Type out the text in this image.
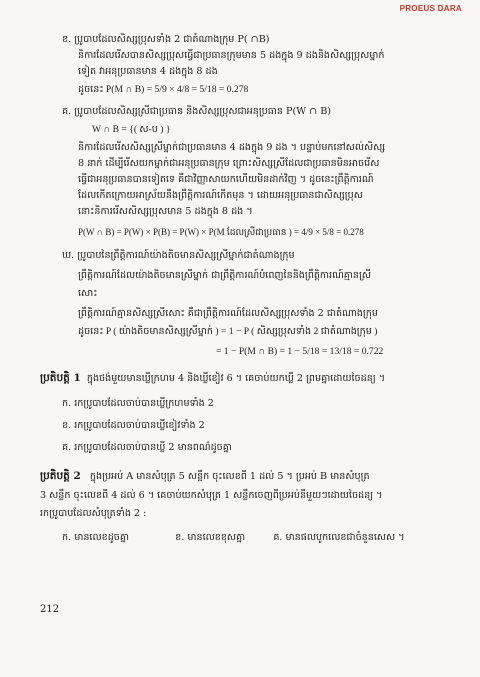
PROEUS DARA
ខ. ប្រូបាបដែលសិស្សប្រុសទាំង 2 ជាតំណាងក្រុម P( ∩B)
និការដែលរើសបានសិស្សប្រុសធ្វើជាប្រធានក្រុមមាន 5 ដងក្នុង 9 ដងនិងសិស្សប្រុសម្នាក់
ទៀត វាអនុប្រធានមាន 4 ដងក្នុង 8 ដង
ដូចនេះ P(M ∩ B) = 5/9 × 4/8 = 5/18 = 0.278
គ. ប្រូបាបដែលសិស្សស្រីជាប្រធាន និងសិស្សប្រុសជាអនុប្រធាន P(W ∩ B)
W ∩ B = {( ស-ប ) }
និការដែលរើសសិស្សស្រីម្នាក់ជាប្រធានមាន 4 ដងក្នុង 9 ដង ។ បន្ទាប់មកនៅសល់សិស្ស
8 នាក់ ដើម្បីរើសយកម្នាក់ជាអនុប្រធានក្រុម ព្រោះសិស្សស្រីដែលជាប្រធានមិនអាចរើស
ធ្វើជាអនុប្រធានបានទៀតទេ គឺជាវិញ្ញាសាយកហើយមិនដាក់វិញ ។ ដូចនេះព្រឹត្តិការណ៍
ដែលកើតក្រោយអាស្រ័យនឹងព្រឹត្តិការណ៍កើតមុន ។ ដោយអនុប្រធានជាសិស្សប្រុស
នោះនិការរើសសិស្សប្រុសមាន 5 ដងក្នុង 8 ដង ។
P(W ∩ B) = P(W) × P(B) = P(W) × P(M ដែលស្រីជាប្រធាន ) = 4/9 × 5/8 = 0.278
ឃ. ប្រូបាបនៃព្រឹត្តិការណ៍យ៉ាងតិចមានសិស្សស្រីម្នាក់ជាតំណាងក្រុម
ព្រឹត្តិការណ៍ដែលយ៉ាងតិចមានស្រីម្នាក់ ជាព្រឹត្តិការណ៍បំពេញនៃនិងព្រឹត្តិការណ៍គ្មានស្រី
សោះ
ព្រឹត្តិការណ៍គ្មានសិស្សស្រីសោះ គឺជាព្រឹត្តិការណ៍ដែលសិស្សប្រុសទាំង 2 ជាតំណាងក្រុម
ដូចនេះ P ( យ៉ាងតិចមានសិស្សស្រីម្នាក់ ) = 1 − P ( សិស្សប្រុសទាំង 2 ជាតំណាងក្រុម )
= 1 − P(M ∩ B) = 1 − 5/18 = 13/18 = 0.722
ប្រតិបត្តិ 1 ក្នុងថង់មួយមានឃ្លីក្រហម 4 និងឃ្លីខៀវ 6 ។ គេចាប់យកឃ្លី 2 ព្រមគ្នាដោយចៃដន្យ ។
ក. រកប្រូបាបដែលចាប់បានឃ្លីក្រហមទាំង 2
ខ. រកប្រូបាបដែលចាប់បានឃ្លីខៀវទាំង 2
គ. រកប្រូបាបដែលចាប់បានឃ្លី 2 មានពណ៌ដូចគ្នា
ប្រតិបត្តិ 2 ក្នុងប្រអប់ A មានសំបុត្រ 5 សន្លឹក ចុះលេខពី 1 ដល់ 5 ។ ប្រអប់ B មានសំបុត្រ
3 សន្លឹក ចុះលេខពី 4 ដល់ 6 ។ គេចាប់យកសំបុត្រ 1 សន្លឹកចេញពីប្រអប់នីមួយៗដោយចៃដន្យ ។
រកប្រូបាបដែលសំបុត្រទាំង 2 :
ក. មានលេខដូចគ្នា	ខ. មានលេខខុសគ្នា	គ. មានផលបូកលេខជាចំនួនសេស ។
212
